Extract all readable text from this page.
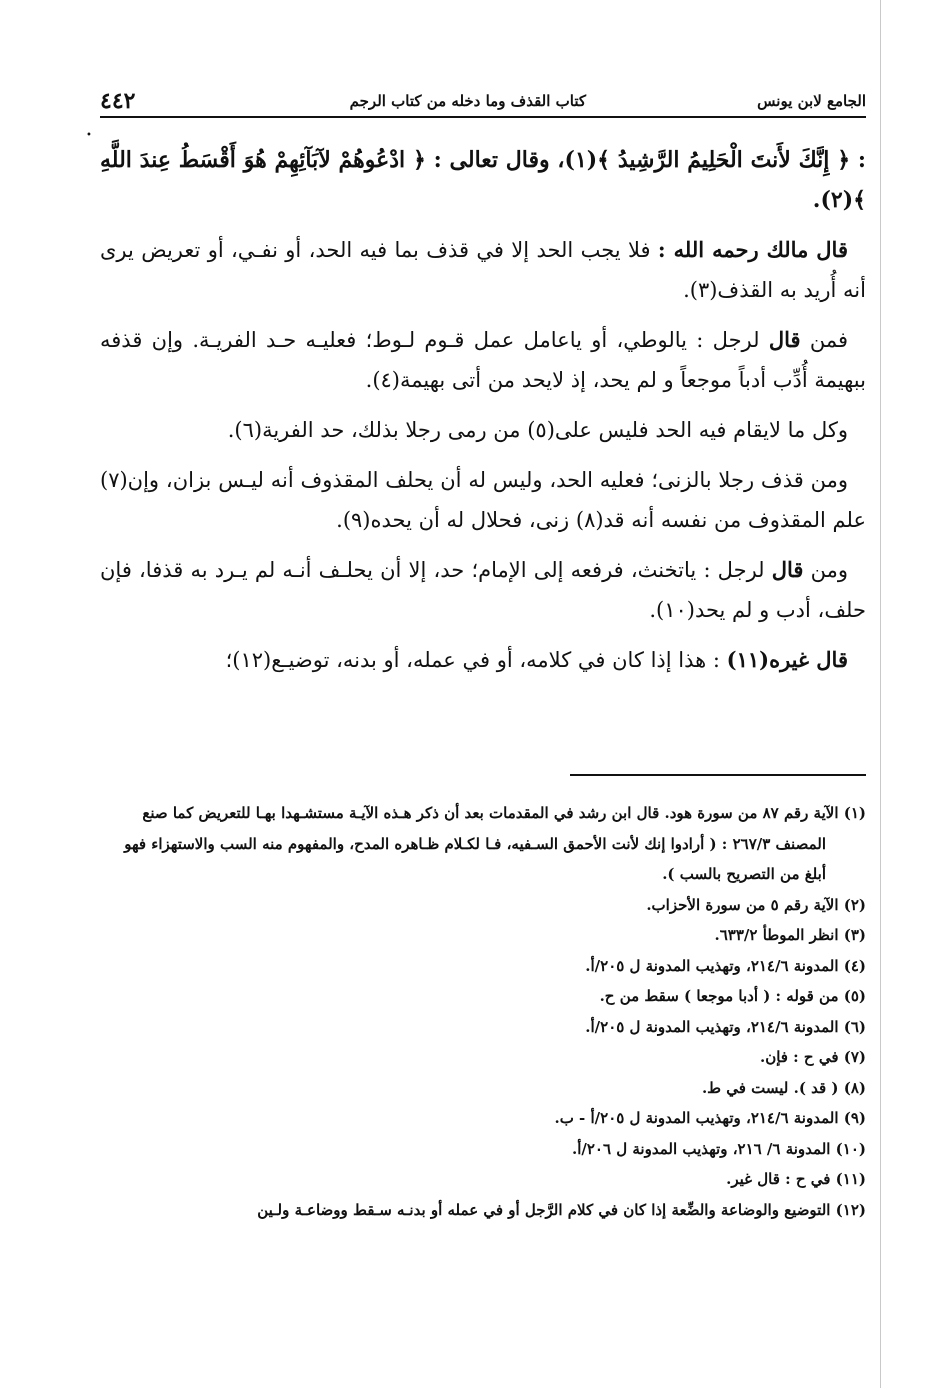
•
الجامع لابن يونس
كتاب القذف وما دخله من كتاب الرجم
٤٤٢

: ﴿ إِنَّكَ لأَنتَ الْحَلِيمُ الرَّشِيدُ ﴾(١)، وقال تعالى : ﴿ ادْعُوهُمْ لآبَآئِهِمْ هُوَ أَقْسَطُ عِندَ اللَّهِ ﴾(٢).

قال مالك رحمه الله : فلا يجب الحد إلا في قذف بما فيه الحد، أو نفـي، أو تعريض يرى أنه أُريد به القذف(٣).

فمن قال لرجل : يالوطي، أو ياعامل عمل قـوم لـوط؛ فعليـه حـد الفريـة. وإن قذفه ببهيمة أُدِّب أدباً موجعاً و لم يحد، إذ لايحد من أتى بهيمة(٤).

وكل ما لايقام فيه الحد فليس على(٥) من رمى رجلا بذلك، حد الفرية(٦).

ومن قذف رجلا بالزنى؛ فعليه الحد، وليس له أن يحلف المقذوف أنه ليـس بزان، وإن(٧) علم المقذوف من نفسه أنه قد(٨) زنى، فحلال له أن يحده(٩).

ومن قال لرجل : ياتخنث، فرفعه إلى الإمام؛ حد، إلا أن يحلـف أنـه لم يـرد به قذفا، فإن حلف، أدب و لم يحد(١٠).

قال غيره(١١) : هذا إذا كان في كلامه، أو في عمله، أو بدنه، توضيـع(١٢)؛

(١) الآية رقم ٨٧ من سورة هود. قال ابن رشد في المقدمات بعد أن ذكر هـذه الآيـة مستشـهدا بهـا للتعريض كما صنع المصنف ٢٦٧/٣ : ( أرادوا إنك لأنت الأحمق السـفيه، فـا لكـلام ظـاهره المدح، والمفهوم منه السب والاستهزاء فهو أبلغ من التصريح بالسب ).

(٢) الآية رقم ٥ من سورة الأحزاب.

(٣) انظر الموطأ ٦٣٣/٢.

(٤) المدونة ٢١٤/٦، وتهذيب المدونة ل ٢٠٥/أ.

(٥) من قوله : ( أدبا موجعا ) سقط من ح.

(٦) المدونة ٢١٤/٦، وتهذيب المدونة ل ٢٠٥/أ.

(٧) في ح : فإن.

(٨) ( قد ). ليست في ط.

(٩) المدونة ٢١٤/٦، وتهذيب المدونة ل ٢٠٥/أ - ب.

(١٠) المدونة ٦/ ٢١٦، وتهذيب المدونة ل ٢٠٦/أ.

(١١) في ح : قال غير.

(١٢) التوضيع والوضاعة والضِّعة إذا كان في كلام الرَّجل أو في عمله أو بدنـه سـقط ووضاعـة ولـين
